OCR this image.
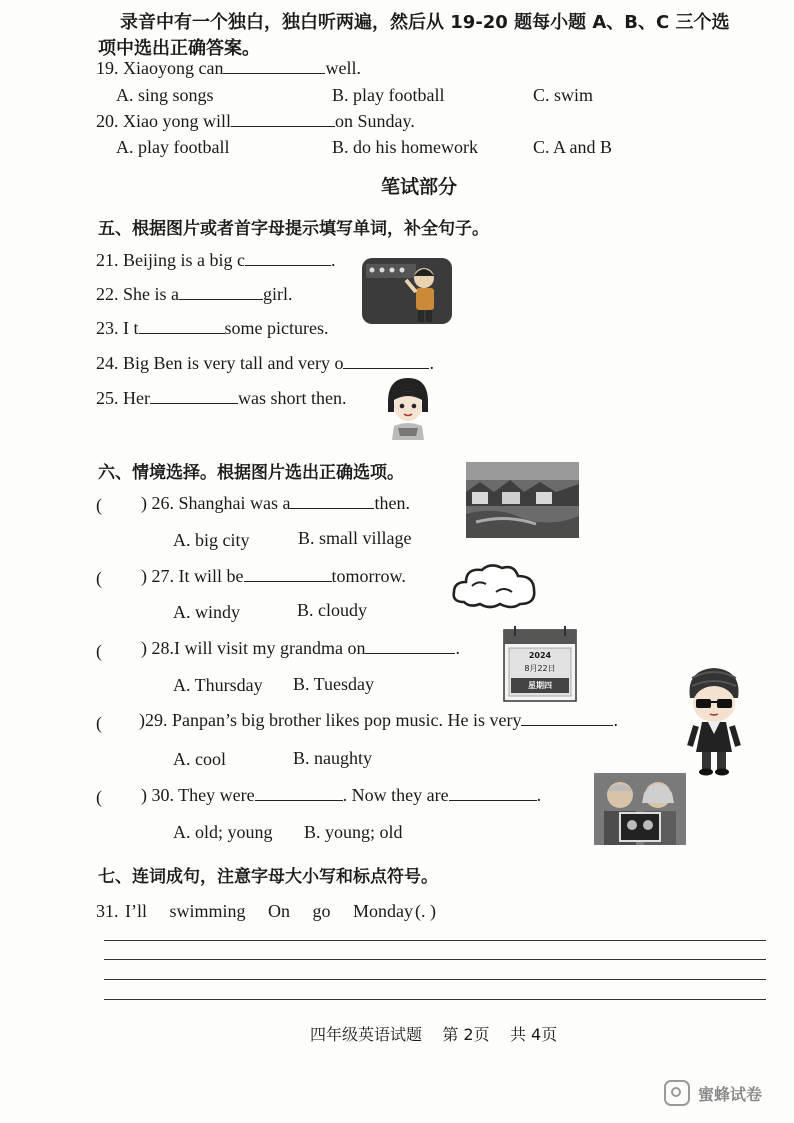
录音中有一个独白，独白听两遍，然后从 19-20 题每小题 A、B、C 三个选
项中选出正确答案。
19. Xiaoyong can	well.
A. sing songs	B. play football	C. swim
20. Xiao yong will	on Sunday.
A. play football	B. do his homework	C. A and B
笔试部分
五、根据图片或者首字母提示填写单词，补全句子。
21. Beijing is a big c	.
22. She is a	girl.
23. I t	some pictures.
24. Big Ben is very tall and very o	.
25. Her	was short then.
六、情境选择。根据图片选出正确选项。
( ) 26. Shanghai was a	then.
A. big city	B. small village
( ) 27. It will be	tomorrow.
A. windy	B. cloudy
( ) 28.I will visit my grandma on	.
A. Thursday B. Tuesday
2024
8月22日
星期四
( )29. Panpan’s big brother likes pop music. He is very	.
A. cool	B. naughty
( ) 30. They were	. Now they are	.
A. old; young B. young; old
七、连词成句，注意字母大小写和标点符号。
31. I’ll swimming On go Monday (. )
四年级英语试题    第 2页    共 4页
蜜蜂试卷
